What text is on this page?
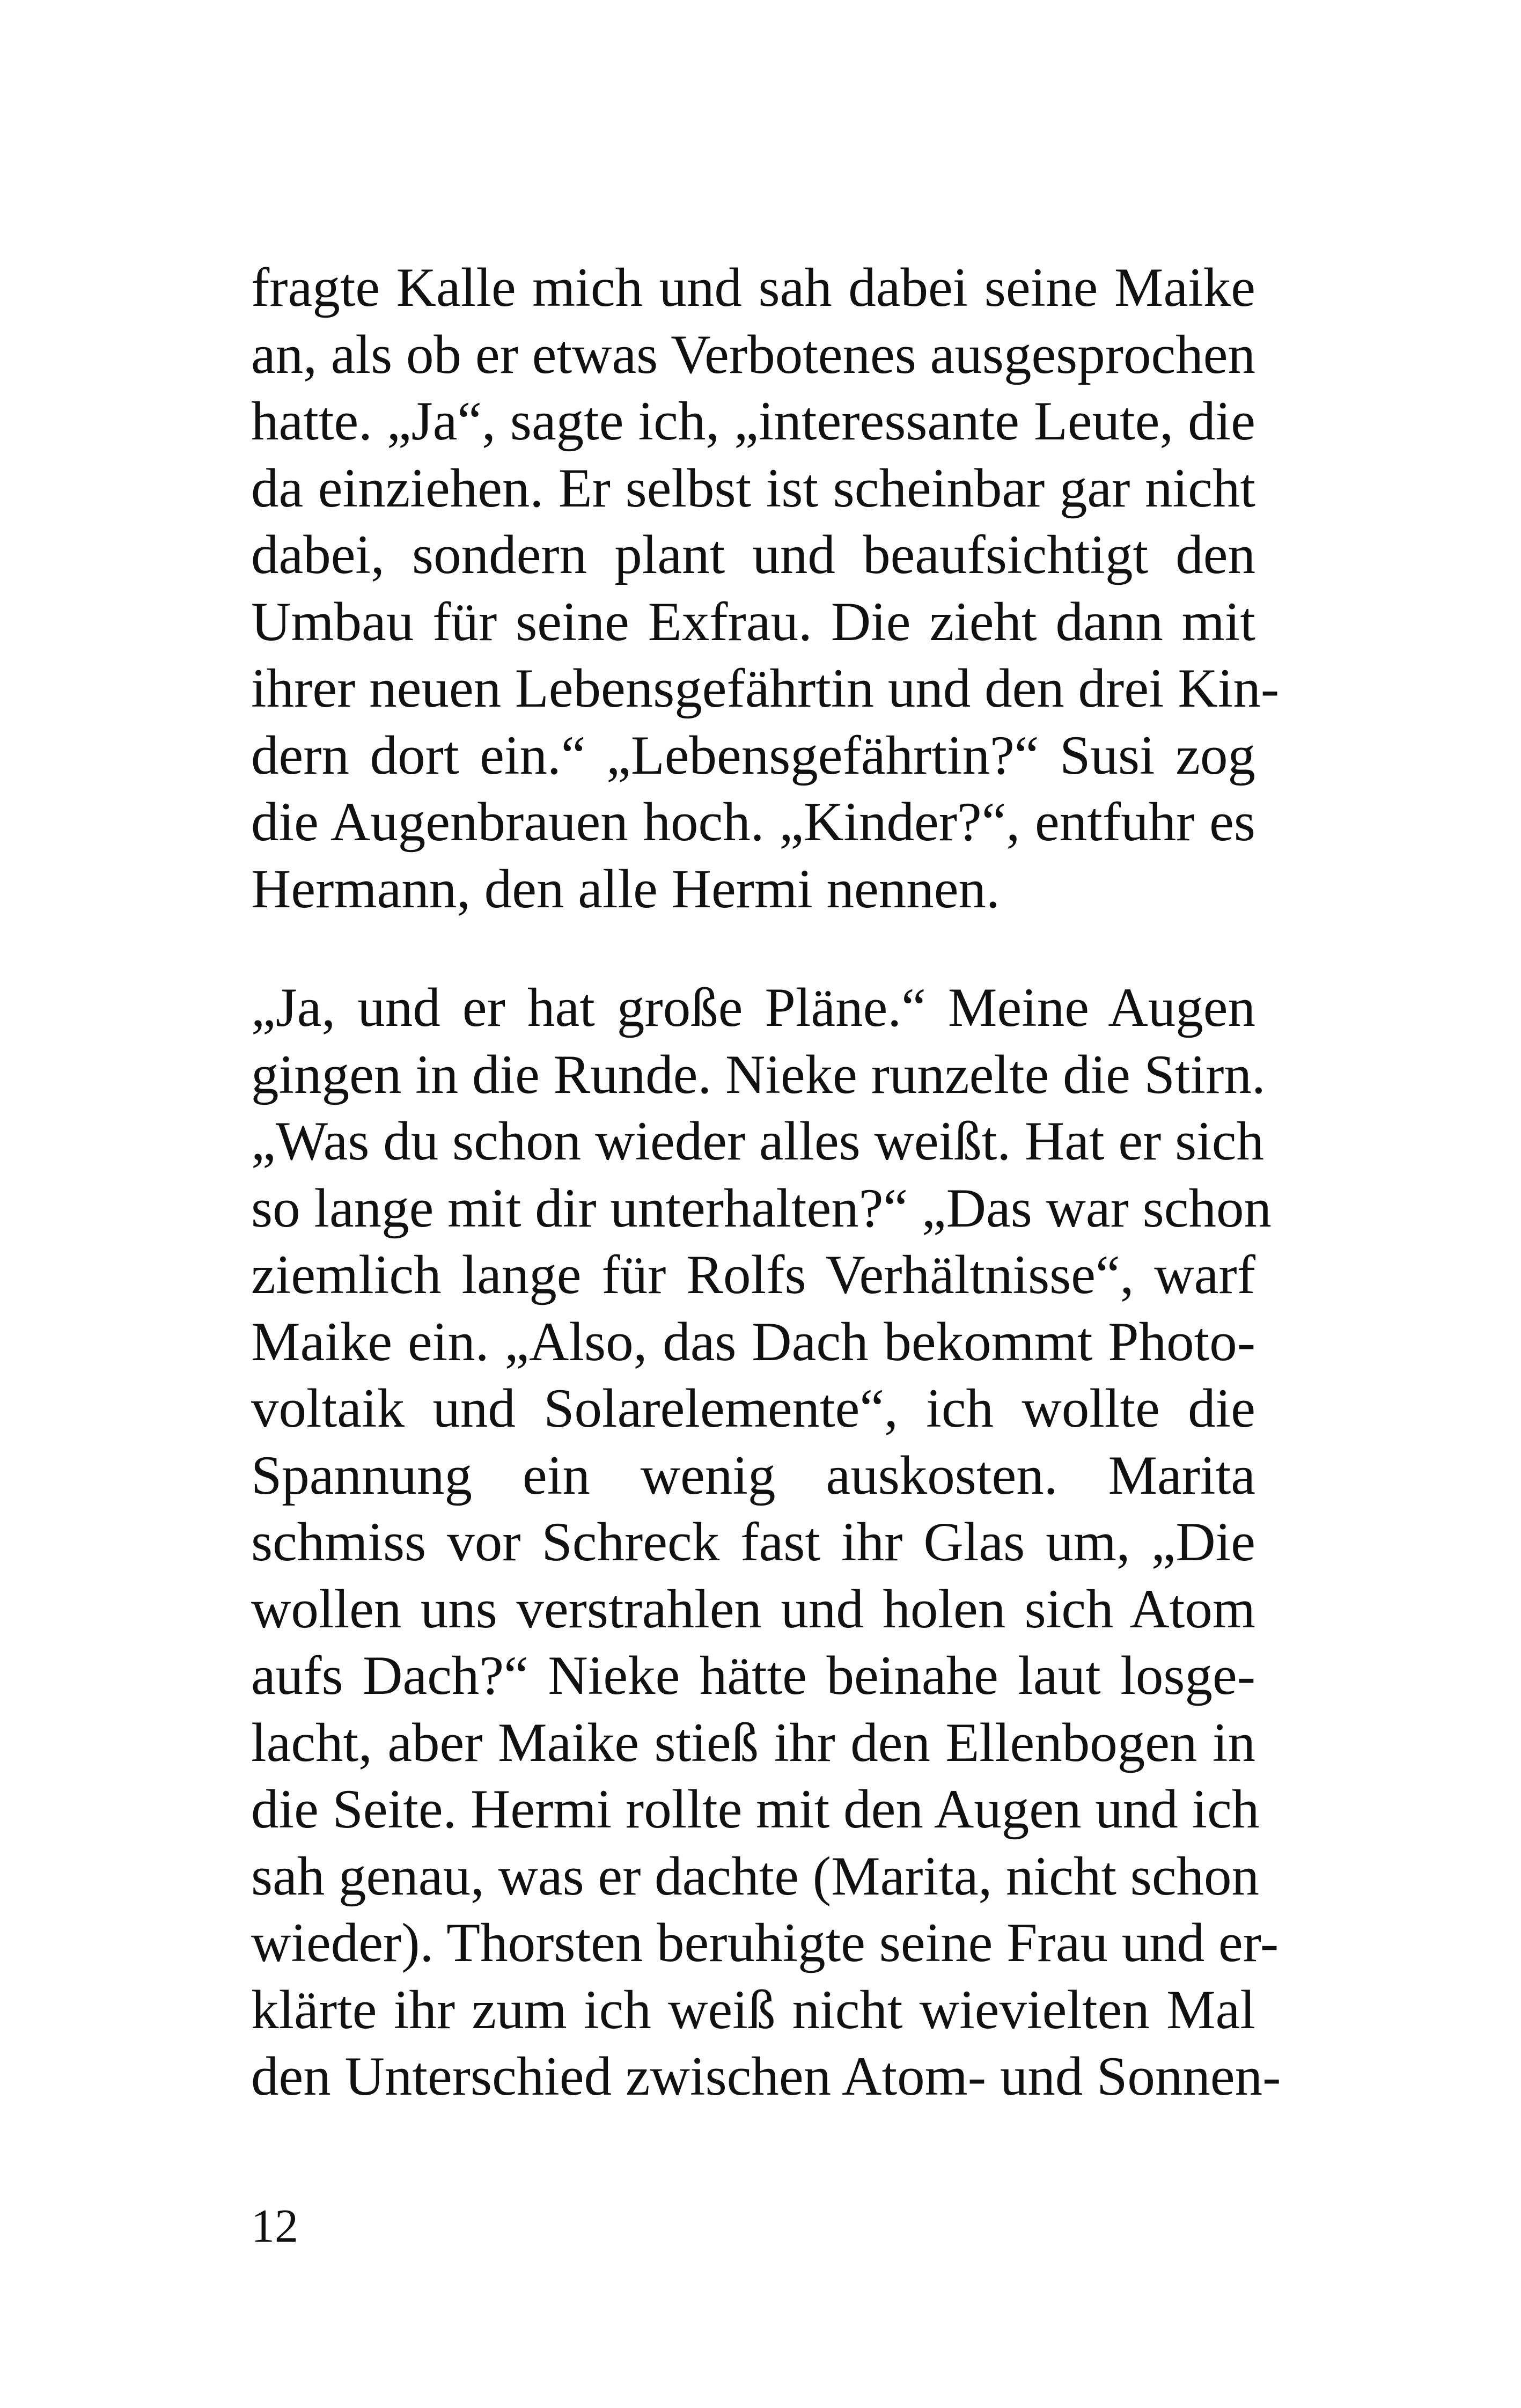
fragte Kalle mich und sah dabei seine Maike
an, als ob er etwas Verbotenes ausgesprochen
hatte. „Ja“, sagte ich, „interessante Leute, die
da einziehen. Er selbst ist scheinbar gar nicht
dabei, sondern plant und beaufsichtigt den
Umbau für seine Exfrau. Die zieht dann mit
ihrer neuen Lebensgefährtin und den drei Kin-
dern dort ein.“ „Lebensgefährtin?“ Susi zog
die Augenbrauen hoch. „Kinder?“, entfuhr es
Hermann, den alle Hermi nennen.
„Ja, und er hat große Pläne.“ Meine Augen
gingen in die Runde. Nieke runzelte die Stirn.
„Was du schon wieder alles weißt. Hat er sich
so lange mit dir unterhalten?“ „Das war schon
ziemlich lange für Rolfs Verhältnisse“, warf
Maike ein. „Also, das Dach bekommt Photo-
voltaik und Solarelemente“, ich wollte die
Spannung ein wenig auskosten. Marita
schmiss vor Schreck fast ihr Glas um, „Die
wollen uns verstrahlen und holen sich Atom
aufs Dach?“ Nieke hätte beinahe laut losge-
lacht, aber Maike stieß ihr den Ellenbogen in
die Seite. Hermi rollte mit den Augen und ich
sah genau, was er dachte (Marita, nicht schon
wieder). Thorsten beruhigte seine Frau und er-
klärte ihr zum ich weiß nicht wievielten Mal
den Unterschied zwischen Atom- und Sonnen-
12
